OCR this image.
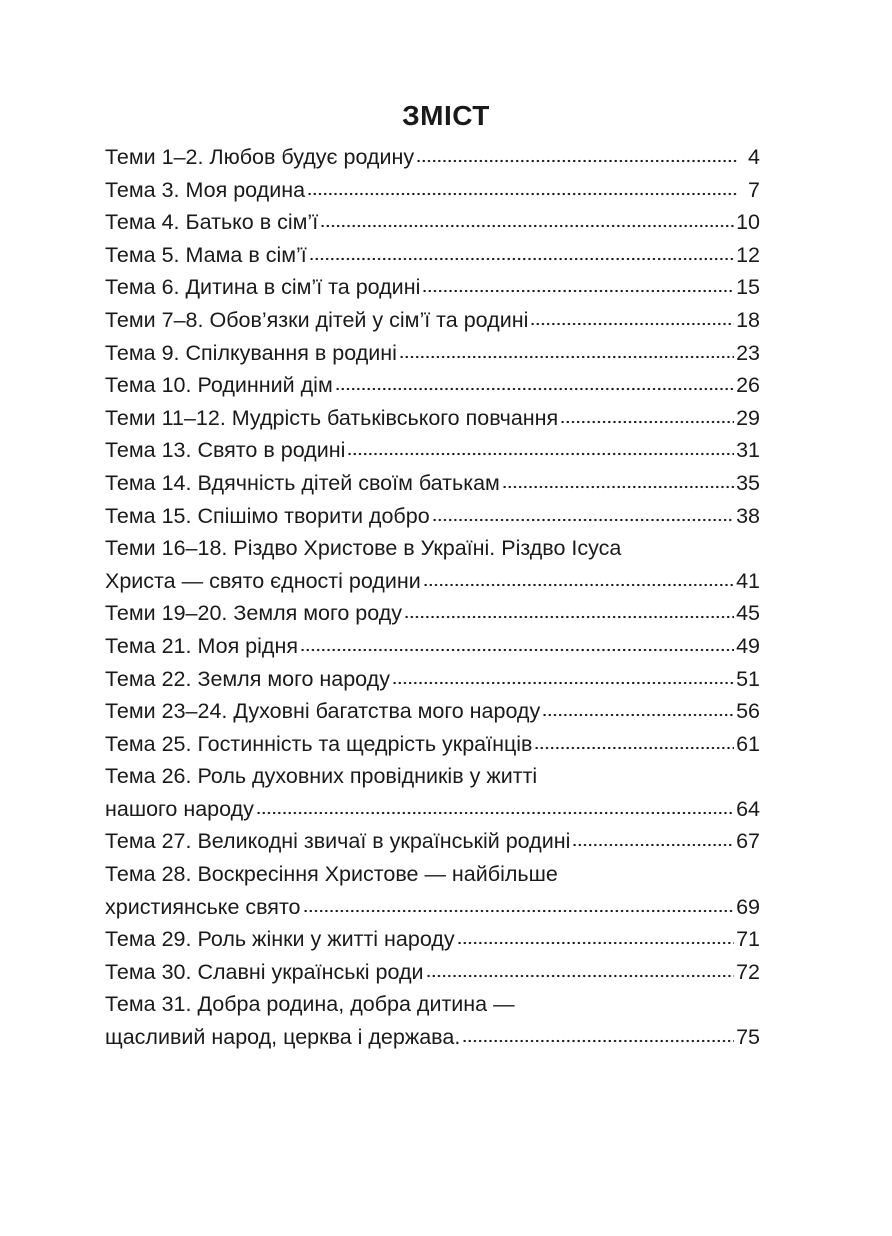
ЗМІСТ
Теми 1–2. Любов будує родину	4
Тема 3. Моя родина	7
Тема 4. Батько в сім’ї	10
Тема 5. Мама в сім’ї	12
Тема 6. Дитина в сім’ї та родині	15
Теми 7–8. Обов’язки дітей у сім’ї та родині	18
Тема 9. Спілкування в родині	23
Тема 10. Родинний дім	26
Теми 11–12. Мудрість батьківського повчання	29
Тема 13. Свято в родині	31
Тема 14. Вдячність дітей своїм батькам	35
Тема 15. Спішімо творити добро	38
Теми 16–18. Різдво Христове в Україні. Різдво Ісуса
Христа — свято єдності родини	41
Теми 19–20. Земля мого роду	45
Тема 21. Моя рідня	49
Тема 22. Земля мого народу	51
Теми 23–24. Духовні багатства мого народу	56
Тема 25. Гостинність та щедрість українців	61
Тема 26. Роль духовних провідників у житті
нашого народу	64
Тема 27. Великодні звичаї в українській родині	67
Тема 28. Воскресіння Христове — найбільше
християнське свято	69
Тема 29. Роль жінки у житті народу	71
Тема 30. Славні українські роди	72
Тема 31. Добра родина, добра дитина —
щасливий народ, церква і держава.	75
